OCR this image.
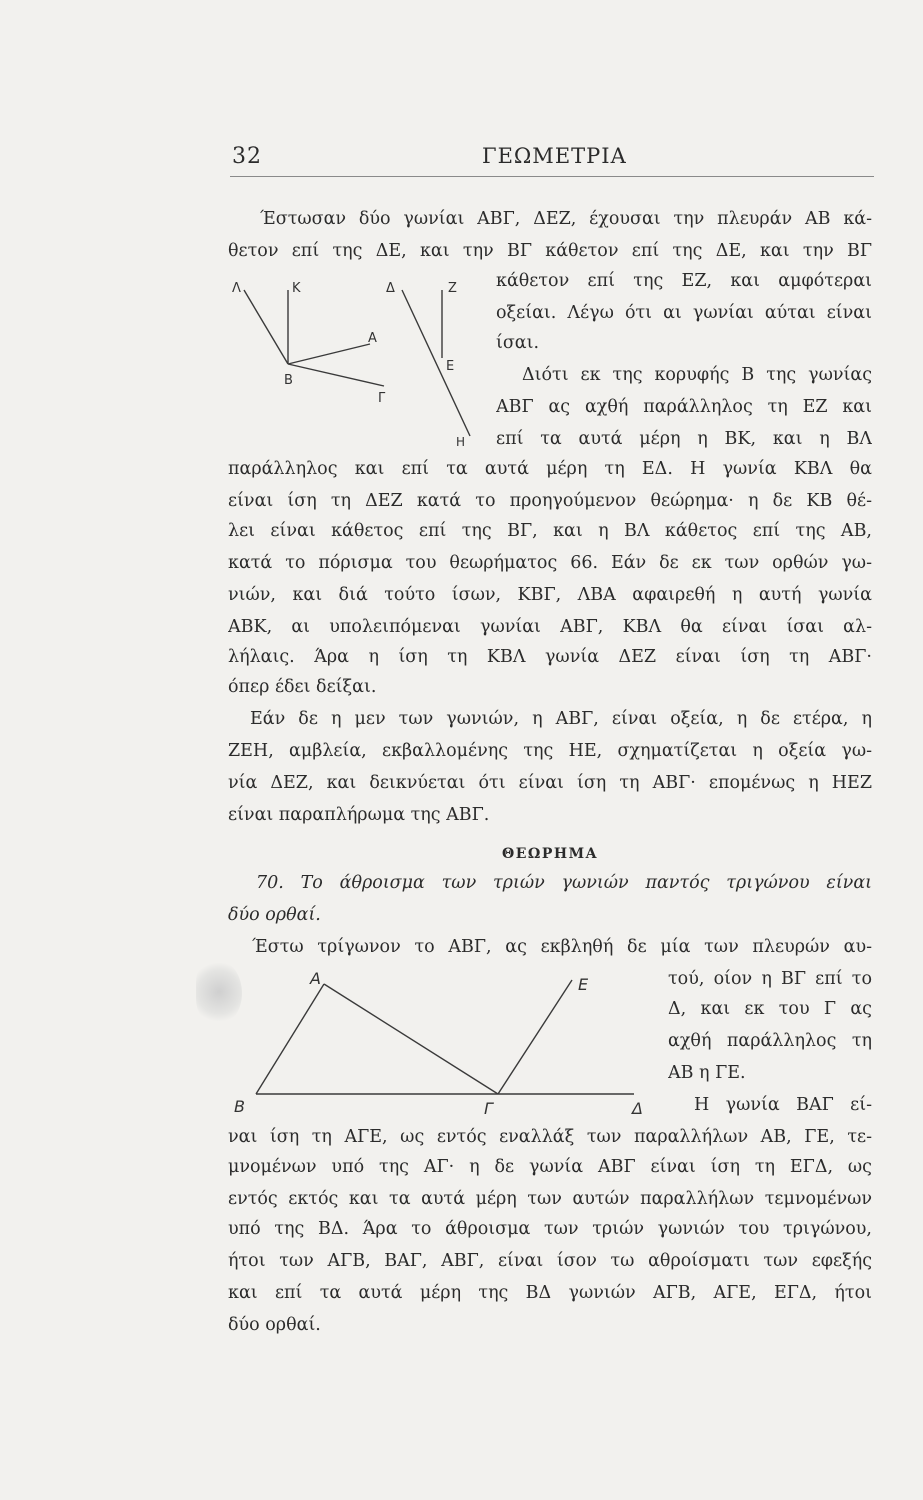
32	ΓΕΩΜΕΤΡΙΑ
Λ	Κ
Α
Β
Γ
Δ	Ζ
Ε
Η
Α	Ε
Β	Γ	Δ
Έστωσαν δύο γωνίαι ΑΒΓ, ΔΕΖ, έχουσαι την πλευράν ΑΒ κά-
θετον επί της ΔΕ, και την ΒΓ κάθετον επί της ΔΕ, και την ΒΓ
κάθετον επί της ΕΖ, και αμφότεραι
οξείαι. Λέγω ότι αι γωνίαι αύται είναι
ίσαι.
Διότι εκ της κορυφής Β της γωνίας
ΑΒΓ ας αχθή παράλληλος τη ΕΖ και
επί τα αυτά μέρη η ΒΚ, και η ΒΛ
παράλληλος και επί τα αυτά μέρη τη ΕΔ. Η γωνία ΚΒΛ θα
είναι ίση τη ΔΕΖ κατά το προηγούμενον θεώρημα· η δε ΚΒ θέ-
λει είναι κάθετος επί της ΒΓ, και η ΒΛ κάθετος επί της ΑΒ,
κατά το πόρισμα του θεωρήματος 66. Εάν δε εκ των ορθών γω-
νιών, και διά τούτο ίσων, ΚΒΓ, ΛΒΑ αφαιρεθή η αυτή γωνία
ΑΒΚ, αι υπολειπόμεναι γωνίαι ΑΒΓ, ΚΒΛ θα είναι ίσαι αλ-
λήλαις. Άρα η ίση τη ΚΒΛ γωνία ΔΕΖ είναι ίση τη ΑΒΓ·
όπερ έδει δείξαι.
Εάν δε η μεν των γωνιών, η ΑΒΓ, είναι οξεία, η δε ετέρα, η
ΖΕΗ, αμβλεία, εκβαλλομένης της ΗΕ, σχηματίζεται η οξεία γω-
νία ΔΕΖ, και δεικνύεται ότι είναι ίση τη ΑΒΓ· επομένως η ΗΕΖ
είναι παραπλήρωμα της ΑΒΓ.
ΘΕΩΡΗΜΑ
70. Το άθροισμα των τριών γωνιών παντός τριγώνου είναι
δύο ορθαί.
Έστω τρίγωνον το ΑΒΓ, ας εκβληθή δε μία των πλευρών αυ-
τού, οίον η ΒΓ επί το
Δ, και εκ του Γ ας
αχθή παράλληλος τη
ΑΒ η ΓΕ.
Η γωνία ΒΑΓ εί-
ναι ίση τη ΑΓΕ, ως εντός εναλλάξ των παραλλήλων ΑΒ, ΓΕ, τε-
μνομένων υπό της ΑΓ· η δε γωνία ΑΒΓ είναι ίση τη ΕΓΔ, ως
εντός εκτός και τα αυτά μέρη των αυτών παραλλήλων τεμνομένων
υπό της ΒΔ. Άρα το άθροισμα των τριών γωνιών του τριγώνου,
ήτοι των ΑΓΒ, ΒΑΓ, ΑΒΓ, είναι ίσον τω αθροίσματι των εφεξής
και επί τα αυτά μέρη της ΒΔ γωνιών ΑΓΒ, ΑΓΕ, ΕΓΔ, ήτοι
δύο ορθαί.
